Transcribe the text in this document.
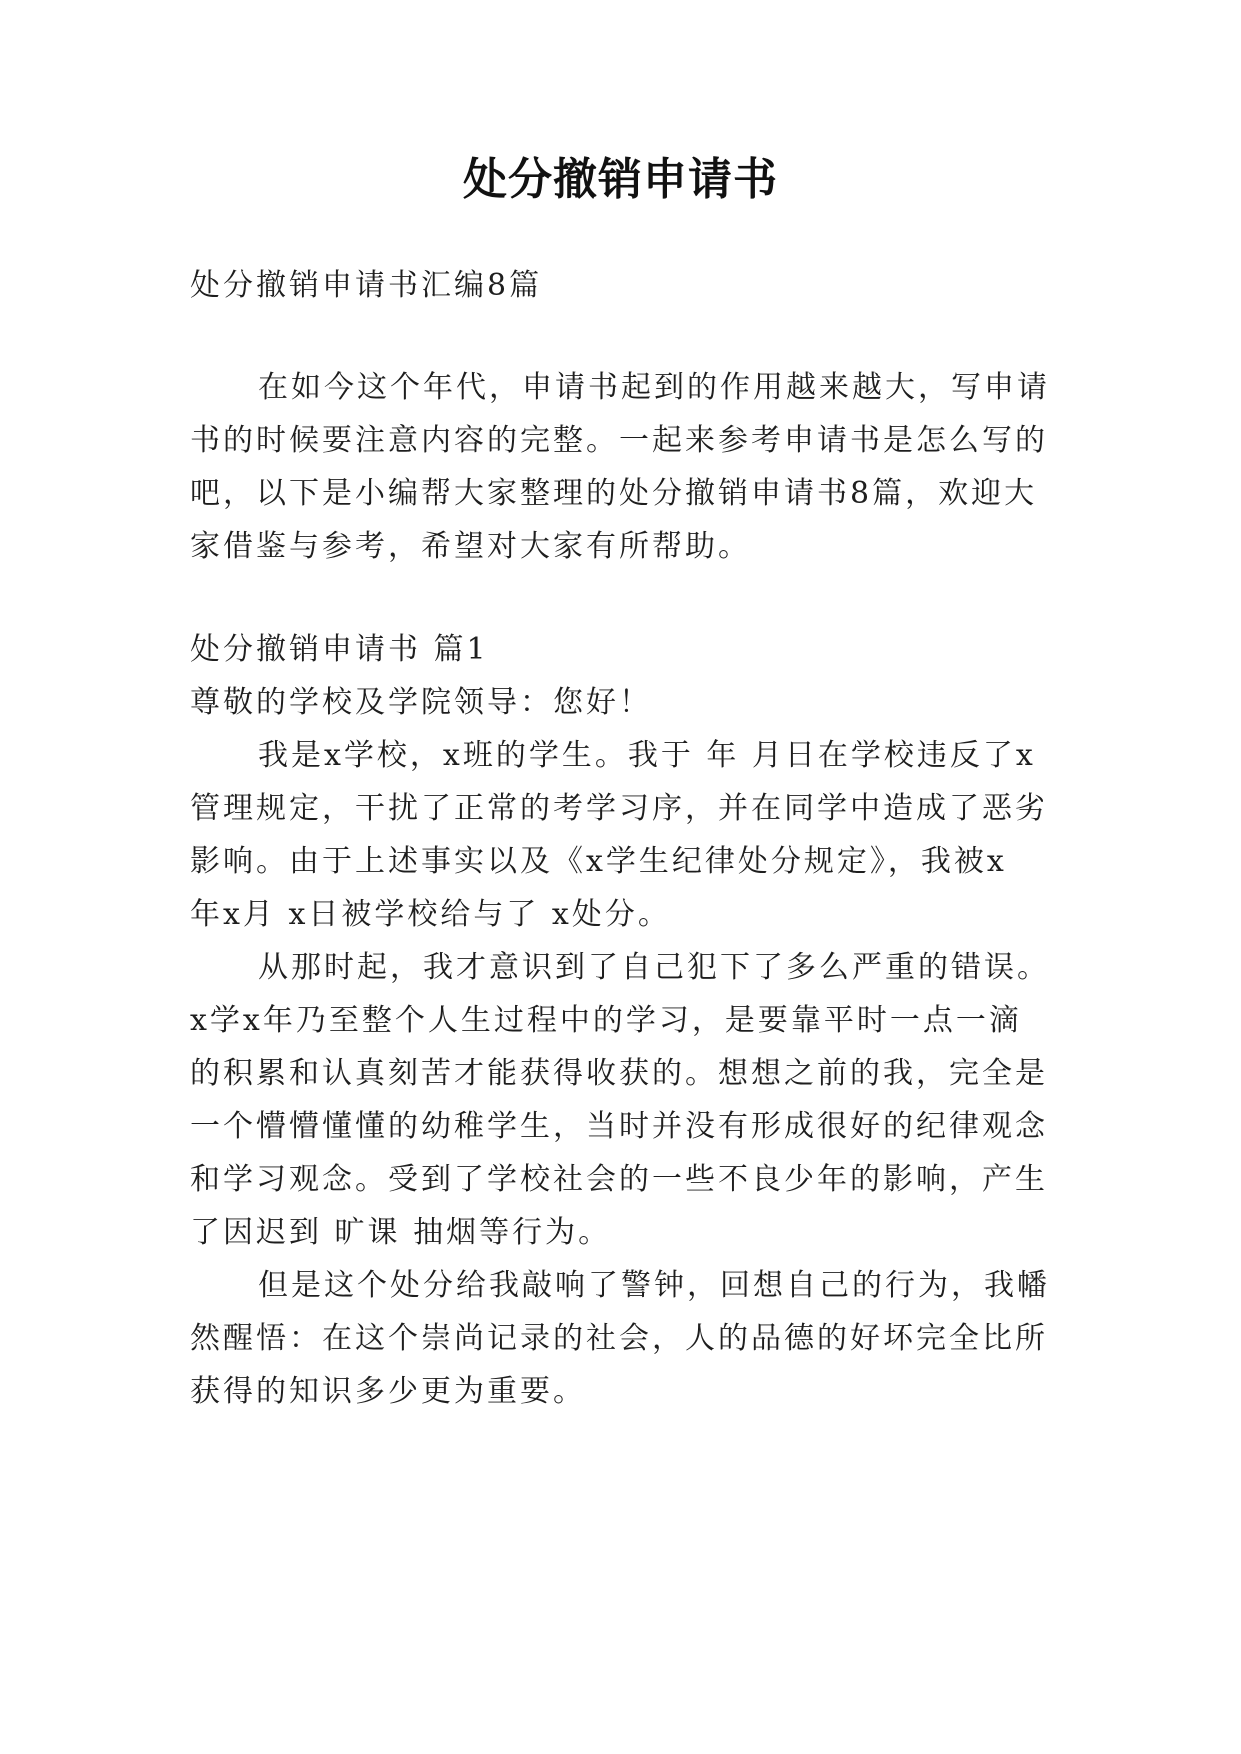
处分撤销申请书
处分撤销申请书汇编8篇
在如今这个年代，申请书起到的作用越来越大，写申请
书的时候要注意内容的完整。一起来参考申请书是怎么写的
吧，以下是小编帮大家整理的处分撤销申请书8篇，欢迎大
家借鉴与参考，希望对大家有所帮助。
处分撤销申请书 篇1
尊敬的学校及学院领导：您好！
我是x学校，x班的学生。我于 年 月日在学校违反了x
管理规定，干扰了正常的考学习序，并在同学中造成了恶劣
影响。由于上述事实以及《x学生纪律处分规定》，我被x
年x月 x日被学校给与了 x处分。
从那时起，我才意识到了自己犯下了多么严重的错误。
x学x年乃至整个人生过程中的学习，是要靠平时一点一滴
的积累和认真刻苦才能获得收获的。想想之前的我，完全是
一个懵懵懂懂的幼稚学生，当时并没有形成很好的纪律观念
和学习观念。受到了学校社会的一些不良少年的影响，产生
了因迟到 旷课 抽烟等行为。
但是这个处分给我敲响了警钟，回想自己的行为，我幡
然醒悟：在这个崇尚记录的社会，人的品德的好坏完全比所
获得的知识多少更为重要。
